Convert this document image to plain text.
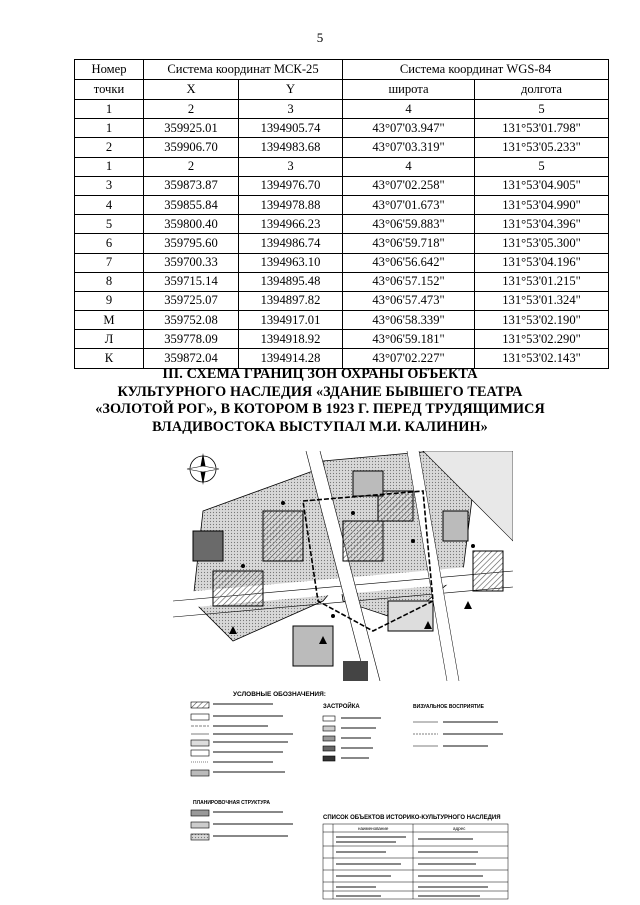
5
Номер	Система координат МСК-25		Система координат WGS-84	
точки	X	Y	широта	долгота
1	2	3	4	5
1	359925.01	1394905.74	43°07'03.947"	131°53'01.798"
2	359906.70	1394983.68	43°07'03.319"	131°53'05.233"
1	2	3	4	5
3	359873.87	1394976.70	43°07'02.258"	131°53'04.905"
4	359855.84	1394978.88	43°07'01.673"	131°53'04.990"
5	359800.40	1394966.23	43°06'59.883"	131°53'04.396"
6	359795.60	1394986.74	43°06'59.718"	131°53'05.300"
7	359700.33	1394963.10	43°06'56.642"	131°53'04.196"
8	359715.14	1394895.48	43°06'57.152"	131°53'01.215"
9	359725.07	1394897.82	43°06'57.473"	131°53'01.324"
М	359752.08	1394917.01	43°06'58.339"	131°53'02.190"
Л	359778.09	1394918.92	43°06'59.181"	131°53'02.290"
К	359872.04	1394914.28	43°07'02.227"	131°53'02.143"
III. СХЕМА ГРАНИЦ ЗОН ОХРАНЫ ОБЪЕКТА
КУЛЬТУРНОГО НАСЛЕДИЯ «ЗДАНИЕ БЫВШЕГО ТЕАТРА
«ЗОЛОТОЙ РОГ», В КОТОРОМ В 1923 Г. ПЕРЕД ТРУДЯЩИМИСЯ
ВЛАДИВОСТОКА ВЫСТУПАЛ М.И. КАЛИНИН»
УСЛОВНЫЕ ОБОЗНАЧЕНИЯ:
ЗАСТРОЙКА	ВИЗУАЛЬНОЕ ВОСПРИЯТИЕ
ПЛАНИРОВОЧНАЯ СТРУКТУРА
СПИСОК ОБЪЕКТОВ ИСТОРИКО-КУЛЬТУРНОГО НАСЛЕДИЯ
наименование	адрес
